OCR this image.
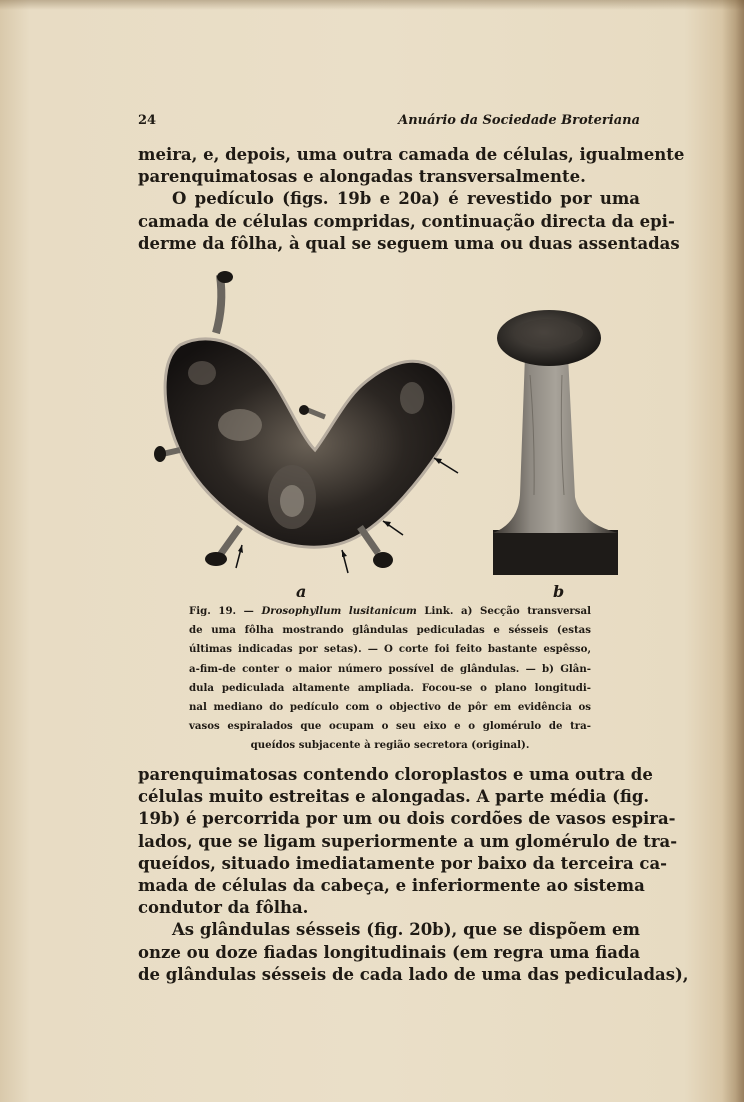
24	Anuário da Sociedade Broteriana
meira, e, depois, uma outra camada de células, igualmente
parenquimatosas e alongadas transversalmente.
O pedículo (figs. 19b e 20a) é revestido por uma
camada de células compridas, continuação directa da epi-
derme da fôlha, à qual se seguem uma ou duas assentadas
a	b
Fig. 19. — Drosophyllum lusitanicum Link. a) Secção transversal
de uma fôlha mostrando glândulas pediculadas e sésseis (estas
últimas indicadas por setas). — O corte foi feito bastante espêsso,
a-fim-de conter o maior número possível de glândulas. — b) Glân-
dula pediculada altamente ampliada. Focou-se o plano longitudi-
nal mediano do pedículo com o objectivo de pôr em evidência os
vasos espiralados que ocupam o seu eixo e o glomérulo de tra-
queídos subjacente à região secretora (original).
parenquimatosas contendo cloroplastos e uma outra de
células muito estreitas e alongadas. A parte média (fig.
19b) é percorrida por um ou dois cordões de vasos espira-
lados, que se ligam superiormente a um glomérulo de tra-
queídos, situado imediatamente por baixo da terceira ca-
mada de células da cabeça, e inferiormente ao sistema
condutor da fôlha.
As glândulas sésseis (fig. 20b), que se dispõem em
onze ou doze fiadas longitudinais (em regra uma fiada
de glândulas sésseis de cada lado de uma das pediculadas),
